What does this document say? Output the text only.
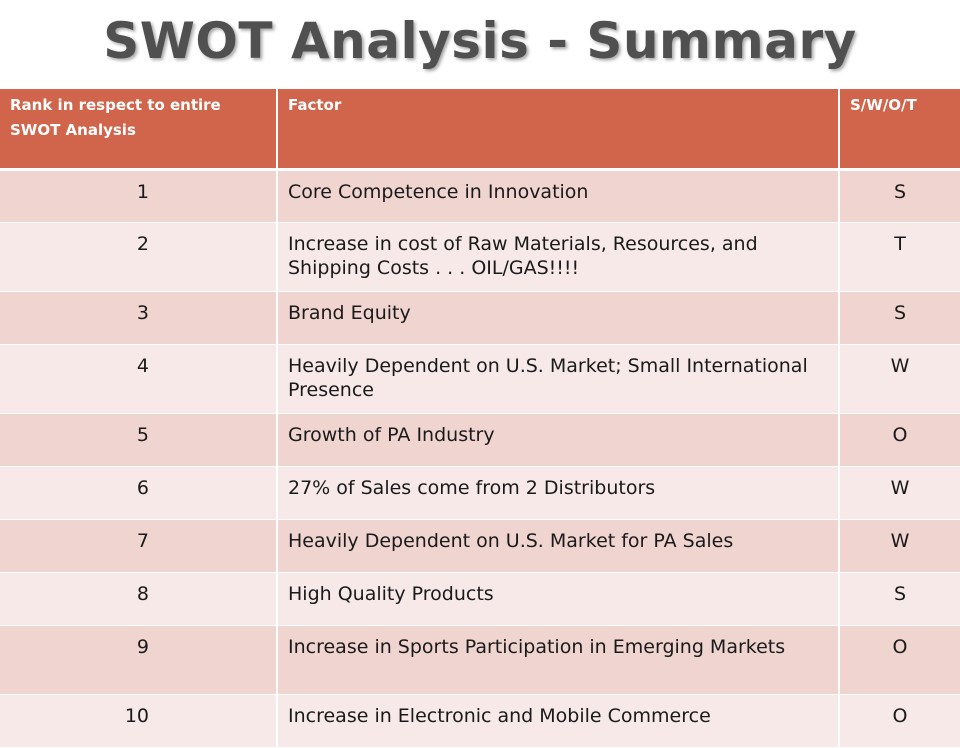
SWOT Analysis - Summary
Rank in respect to entire SWOT Analysis	Factor	S/W/O/T
1	Core Competence in Innovation	S
2	Increase in cost of Raw Materials, Resources, and Shipping Costs . . . OIL/GAS!!!!	T
3	Brand Equity	S
4	Heavily Dependent on U.S. Market; Small International Presence	W
5	Growth of PA Industry	O
6	27% of Sales come from 2 Distributors	W
7	Heavily Dependent on U.S. Market for PA Sales	W
8	High Quality Products	S
9	Increase in Sports Participation in Emerging Markets	O
10	Increase in Electronic and Mobile Commerce	O
